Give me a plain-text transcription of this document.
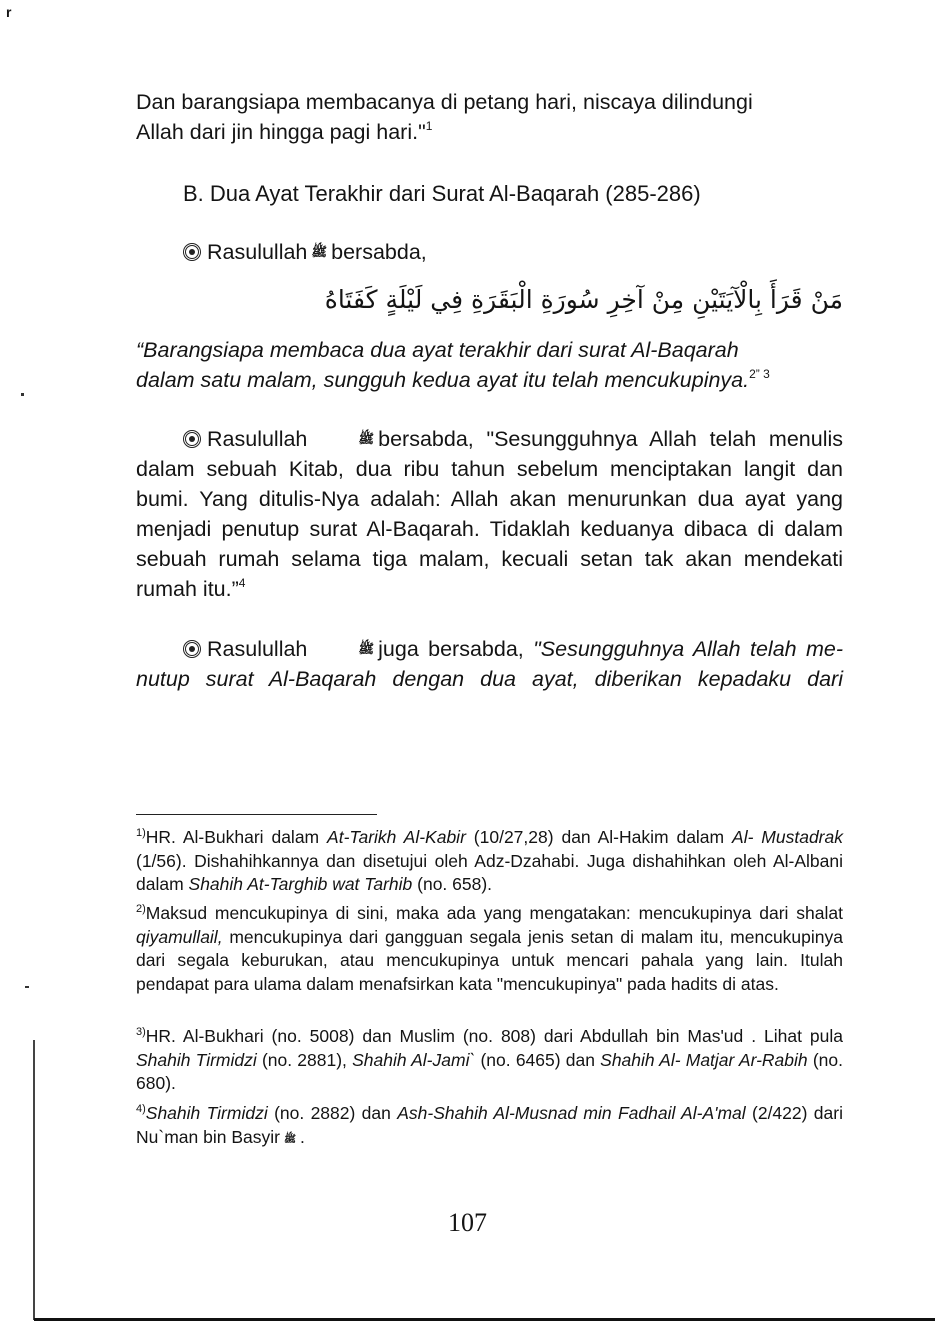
r

Dan barangsiapa membacanya di petang hari, niscaya dilindungi
Allah dari jin hingga pagi hari."$^1$

B. Dua Ayat Terakhir dari Surat Al-Baqarah (285-286)

Rasulullah ﷺ bersabda,

مَنْ قَرَأَ بِالْآيَتَيْنِ مِنْ آخِرِ سُورَةِ الْبَقَرَةِ فِي لَيْلَةٍ كَفَتَاهُ

“Barangsiapa membaca dua ayat terakhir dari surat Al-Baqarah
dalam satu malam, sungguh kedua ayat itu telah mencukupinya.$^{2” 3}$

Rasulullah	ﷺ bersabda, "Sesungguhnya Allah telah menulis dalam sebuah Kitab, dua ribu tahun sebelum menciptakan langit dan bumi. Yang ditulis-Nya adalah: Allah akan menurunkan dua ayat yang menjadi penutup surat Al-Baqarah. Tidaklah keduanya dibaca di dalam sebuah rumah selama tiga malam, kecuali setan tak akan mendekati rumah itu.”$^4$

Rasulullah	ﷺ juga bersabda, "Sesungguhnya Allah telah me- nutup surat Al-Baqarah dengan dua ayat, diberikan kepadaku dari

$^{1)}$HR. Al-Bukhari dalam At-Tarikh Al-Kabir (10/27,28) dan Al-Hakim dalam Al- Mustadrak (1/56). Dishahihkannya dan disetujui oleh Adz-Dzahabi. Juga dishahihkan oleh Al-Albani dalam Shahih At-Targhib wat Tarhib (no. 658).

$^{2)}$Maksud mencukupinya di sini, maka ada yang mengatakan: mencukupinya dari shalat qiyamullail, mencukupinya dari gangguan segala jenis setan di malam itu, mencukupinya dari segala keburukan, atau mencukupinya untuk mencari pahala yang lain. Itulah pendapat para ulama dalam menafsirkan kata "mencukupinya" pada hadits di atas.

$^{3)}$HR. Al-Bukhari (no. 5008) dan Muslim (no. 808) dari Abdullah bin Mas'ud . Lihat pula Shahih Tirmidzi (no. 2881), Shahih Al-Jami` (no. 6465) dan Shahih Al- Matjar Ar-Rabih (no. 680).

$^{4)}$Shahih Tirmidzi (no. 2882) dan Ash-Shahih Al-Musnad min Fadhail Al-A'mal (2/422) dari Nu`man bin Basyir ﷺ .

107
